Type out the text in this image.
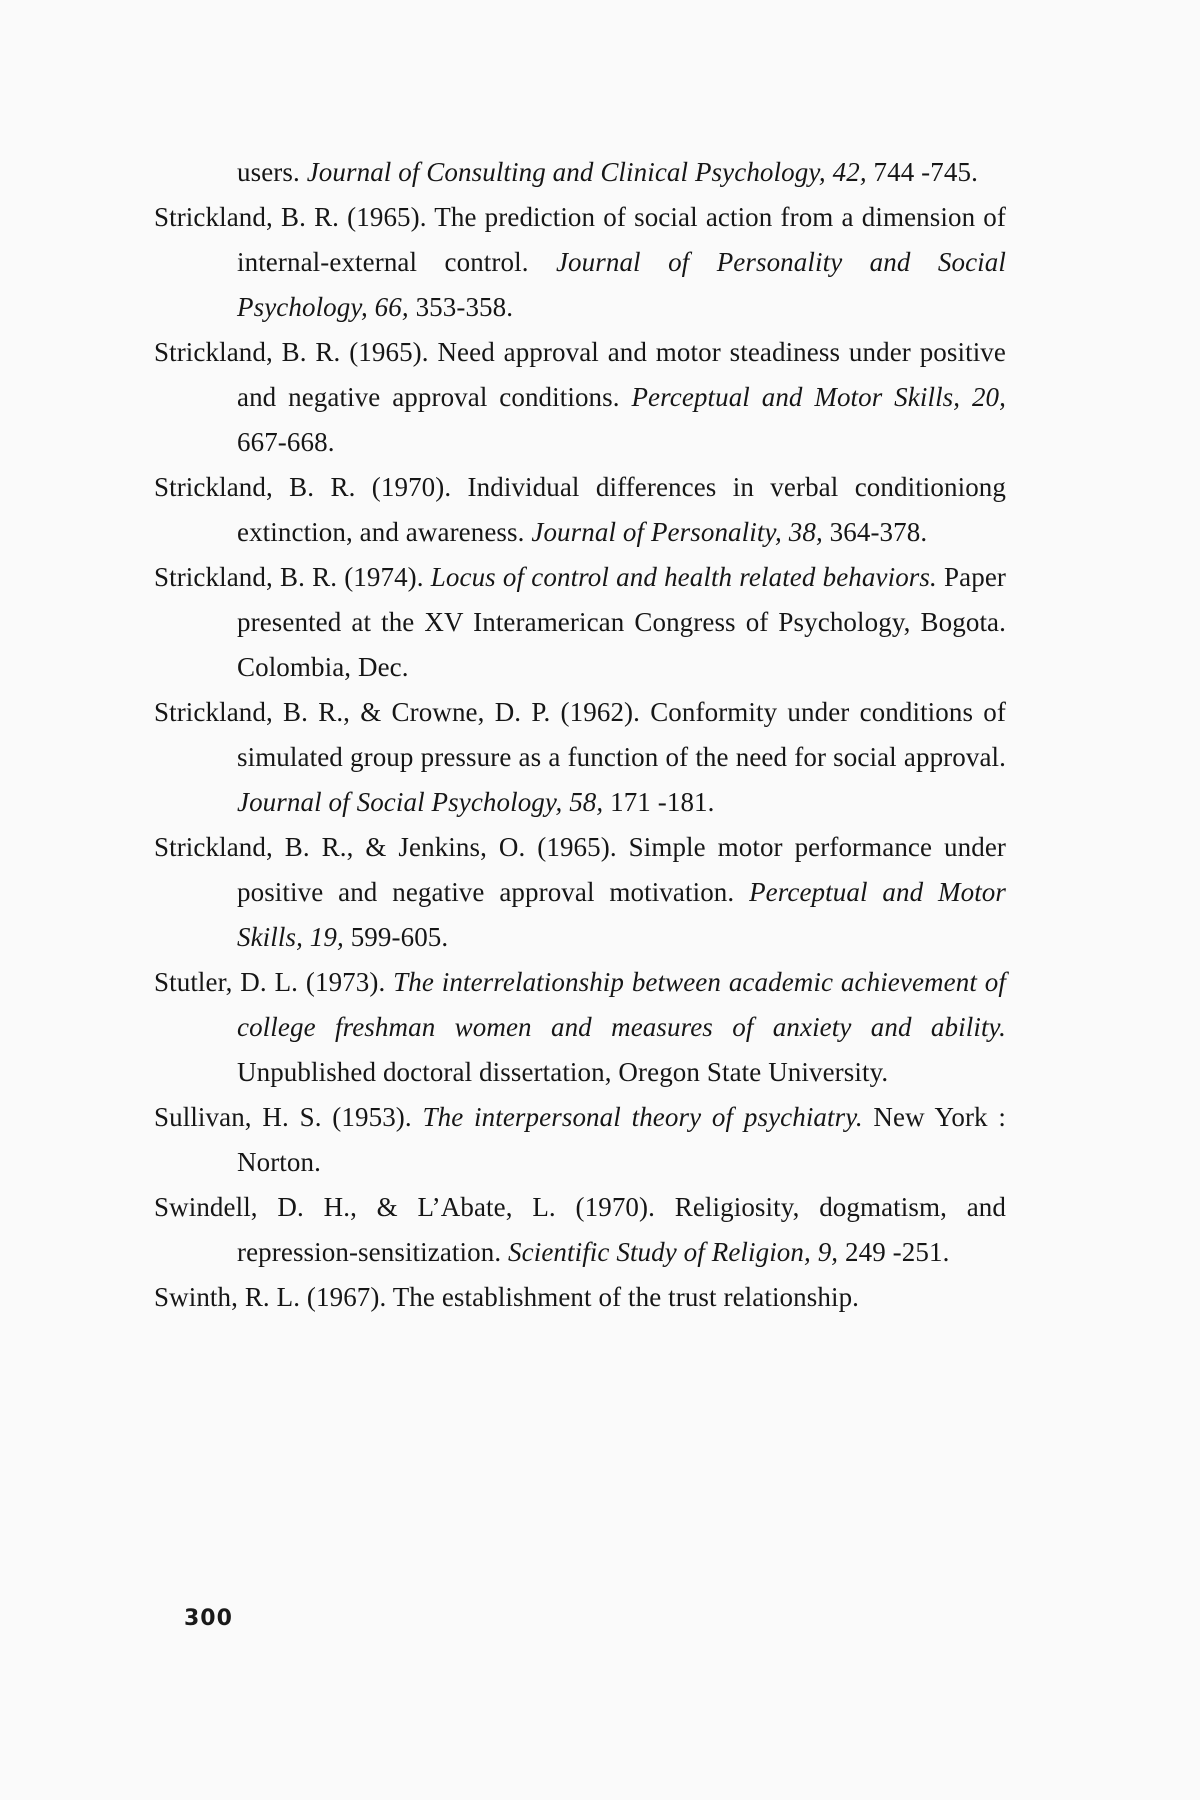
users. Journal of Consulting and Clinical Psychology, 42, 744 -745.

Strickland, B. R. (1965). The prediction of social action from a dimension of internal-external control. Journal of Personality and Social Psychology, 66, 353-358.

Strickland, B. R. (1965). Need approval and motor steadiness under positive and negative approval conditions. Perceptual and Motor Skills, 20, 667-668.

Strickland, B. R. (1970). Individual differences in verbal conditioniong extinction, and awareness. Journal of Personality, 38, 364-378.

Strickland, B. R. (1974). Locus of control and health related behaviors. Paper presented at the XV Interamerican Congress of Psychology, Bogota. Colombia, Dec.

Strickland, B. R., & Crowne, D. P. (1962). Conformity under conditions of simulated group pressure as a function of the need for social approval. Journal of Social Psychology, 58, 171 -181.

Strickland, B. R., & Jenkins, O. (1965). Simple motor performance under positive and negative approval motivation. Perceptual and Motor Skills, 19, 599-605.

Stutler, D. L. (1973). The interrelationship between academic achievement of college freshman women and measures of anxiety and ability. Unpublished doctoral dissertation, Oregon State University.

Sullivan, H. S. (1953). The interpersonal theory of psychiatry. New York : Norton.

Swindell, D. H., & L’Abate, L. (1970). Religiosity, dogmatism, and repression-sensitization. Scientific Study of Religion, 9, 249 -251.

Swinth, R. L. (1967). The establishment of the trust relationship.

300
